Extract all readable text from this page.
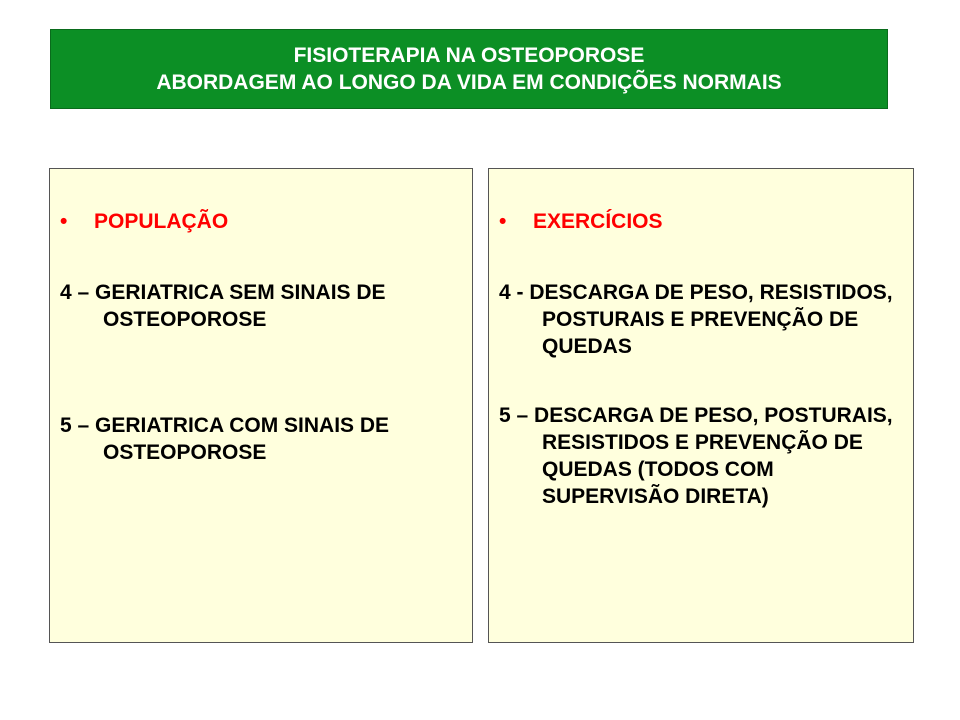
FISIOTERAPIA NA OSTEOPOROSE
ABORDAGEM AO LONGO DA VIDA EM CONDIÇÕES NORMAIS
•	POPULAÇÃO
4 – GERIATRICA SEM SINAIS DE OSTEOPOROSE
5 – GERIATRICA COM SINAIS DE OSTEOPOROSE
•	EXERCÍCIOS
4 - DESCARGA DE PESO, RESISTIDOS, POSTURAIS E PREVENÇÃO DE QUEDAS
5 – DESCARGA DE PESO, POSTURAIS, RESISTIDOS E PREVENÇÃO DE QUEDAS (TODOS COM SUPERVISÃO DIRETA)
